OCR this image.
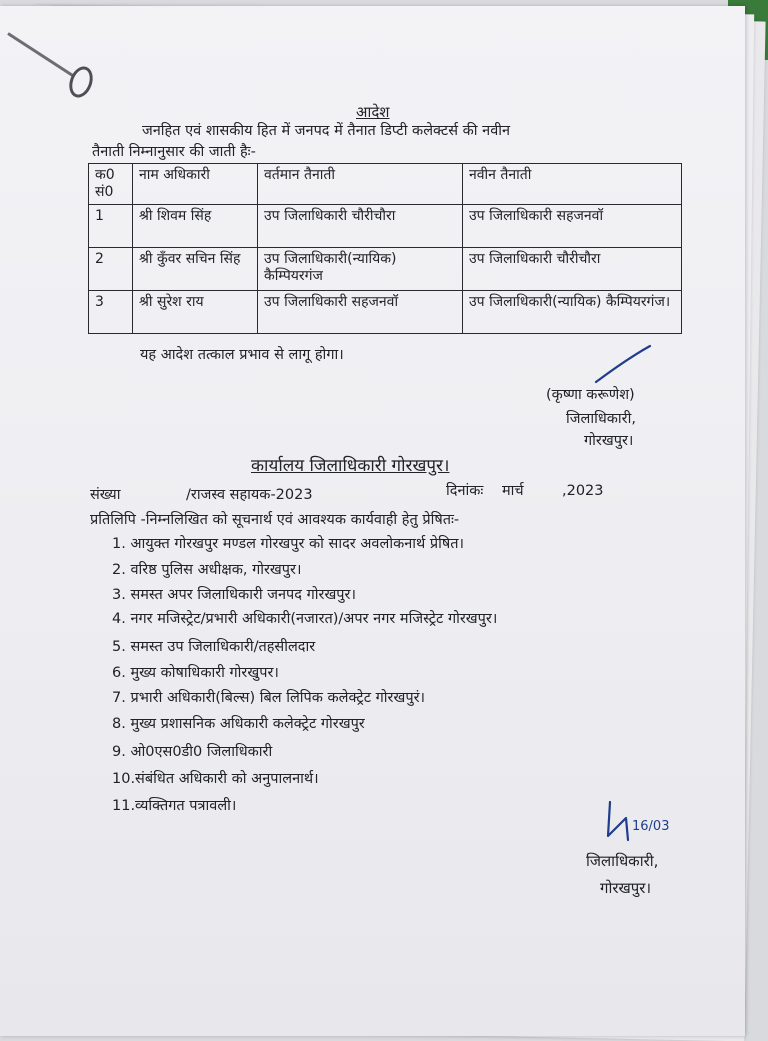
आदेश
जनहित एवं शासकीय हित में जनपद में तैनात डिप्टी कलेक्टर्स की नवीन
तैनाती निम्नानुसार की जाती हैः-
क0 सं0	नाम अधिकारी	वर्तमान तैनाती	नवीन तैनाती
1	श्री शिवम सिंह	उप जिलाधिकारी चौरीचौरा	उप जिलाधिकारी सहजनवॉ
2	श्री कुँवर सचिन सिंह	उप जिलाधिकारी(न्यायिक) कैम्पियरगंज	उप जिलाधिकारी चौरीचौरा
3	श्री सुरेश राय	उप जिलाधिकारी सहजनवॉ	उप जिलाधिकारी(न्यायिक) कैम्पियरगंज।
यह आदेश तत्काल प्रभाव से लागू होगा।
(कृष्णा करूणेश)
जिलाधिकारी,
गोरखपुर।
कार्यालय जिलाधिकारी गोरखपुर।
संख्या	/राजस्व सहायक-2023	दिनांकः मार्च	,2023
प्रतिलिपि -निम्नलिखित को सूचनार्थ एवं आवश्यक कार्यवाही हेतु प्रेषितः-
1. आयुक्त गोरखपुर मण्डल गोरखपुर को सादर अवलोकनार्थ प्रेषित।
2. वरिष्ठ पुलिस अधीक्षक, गोरखपुर।
3. समस्त अपर जिलाधिकारी जनपद गोरखपुर।
4. नगर मजिस्ट्रेट/प्रभारी अधिकारी(नजारत)/अपर नगर मजिस्ट्रेट गोरखपुर।
5. समस्त उप जिलाधिकारी/तहसीलदार
6. मुख्य कोषाधिकारी गोरखुपर।
7. प्रभारी अधिकारी(बिल्स) बिल लिपिक कलेक्ट्रेट गोरखपुरं।
8. मुख्य प्रशासनिक अधिकारी कलेक्ट्रेट गोरखपुर
9. ओ0एस0डी0 जिलाधिकारी
10.संबंधित अधिकारी को अनुपालनार्थ।
11.व्यक्तिगत पत्रावली।
16/03
जिलाधिकारी,
गोरखपुर।
